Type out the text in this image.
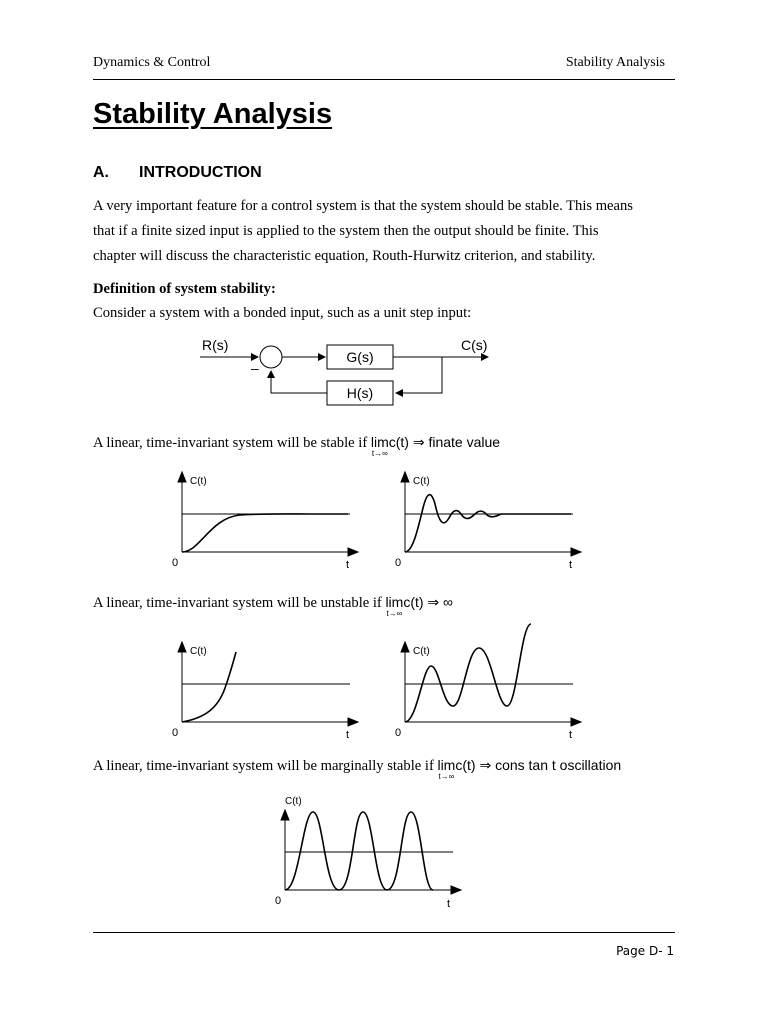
Dynamics & Control	Stability Analysis
Stability Analysis
A. INTRODUCTION
A very important feature for a control system is that the system should be stable. This means
that if a finite sized input is applied to the system then the output should be finite. This
chapter will discuss the characteristic equation, Routh-Hurwitz criterion, and stability.
Definition of system stability:
Consider a system with a bonded input, such as a unit step input:
R(s)	C(s)
–
G(s)
H(s)
A linear, time-invariant system will be stable if lim
t→∞
c(t) ⇒ finate value
A linear, time-invariant system will be unstable if lim
t→∞
c(t) ⇒ ∞
A linear, time-invariant system will be marginally stable if lim
t→∞
c(t) ⇒ cons tan t oscillation
C(t)
0	t
C(t)
0	t
C(t)
0	t
C(t)
0	t
C(t)
0	t
Page D- 1
